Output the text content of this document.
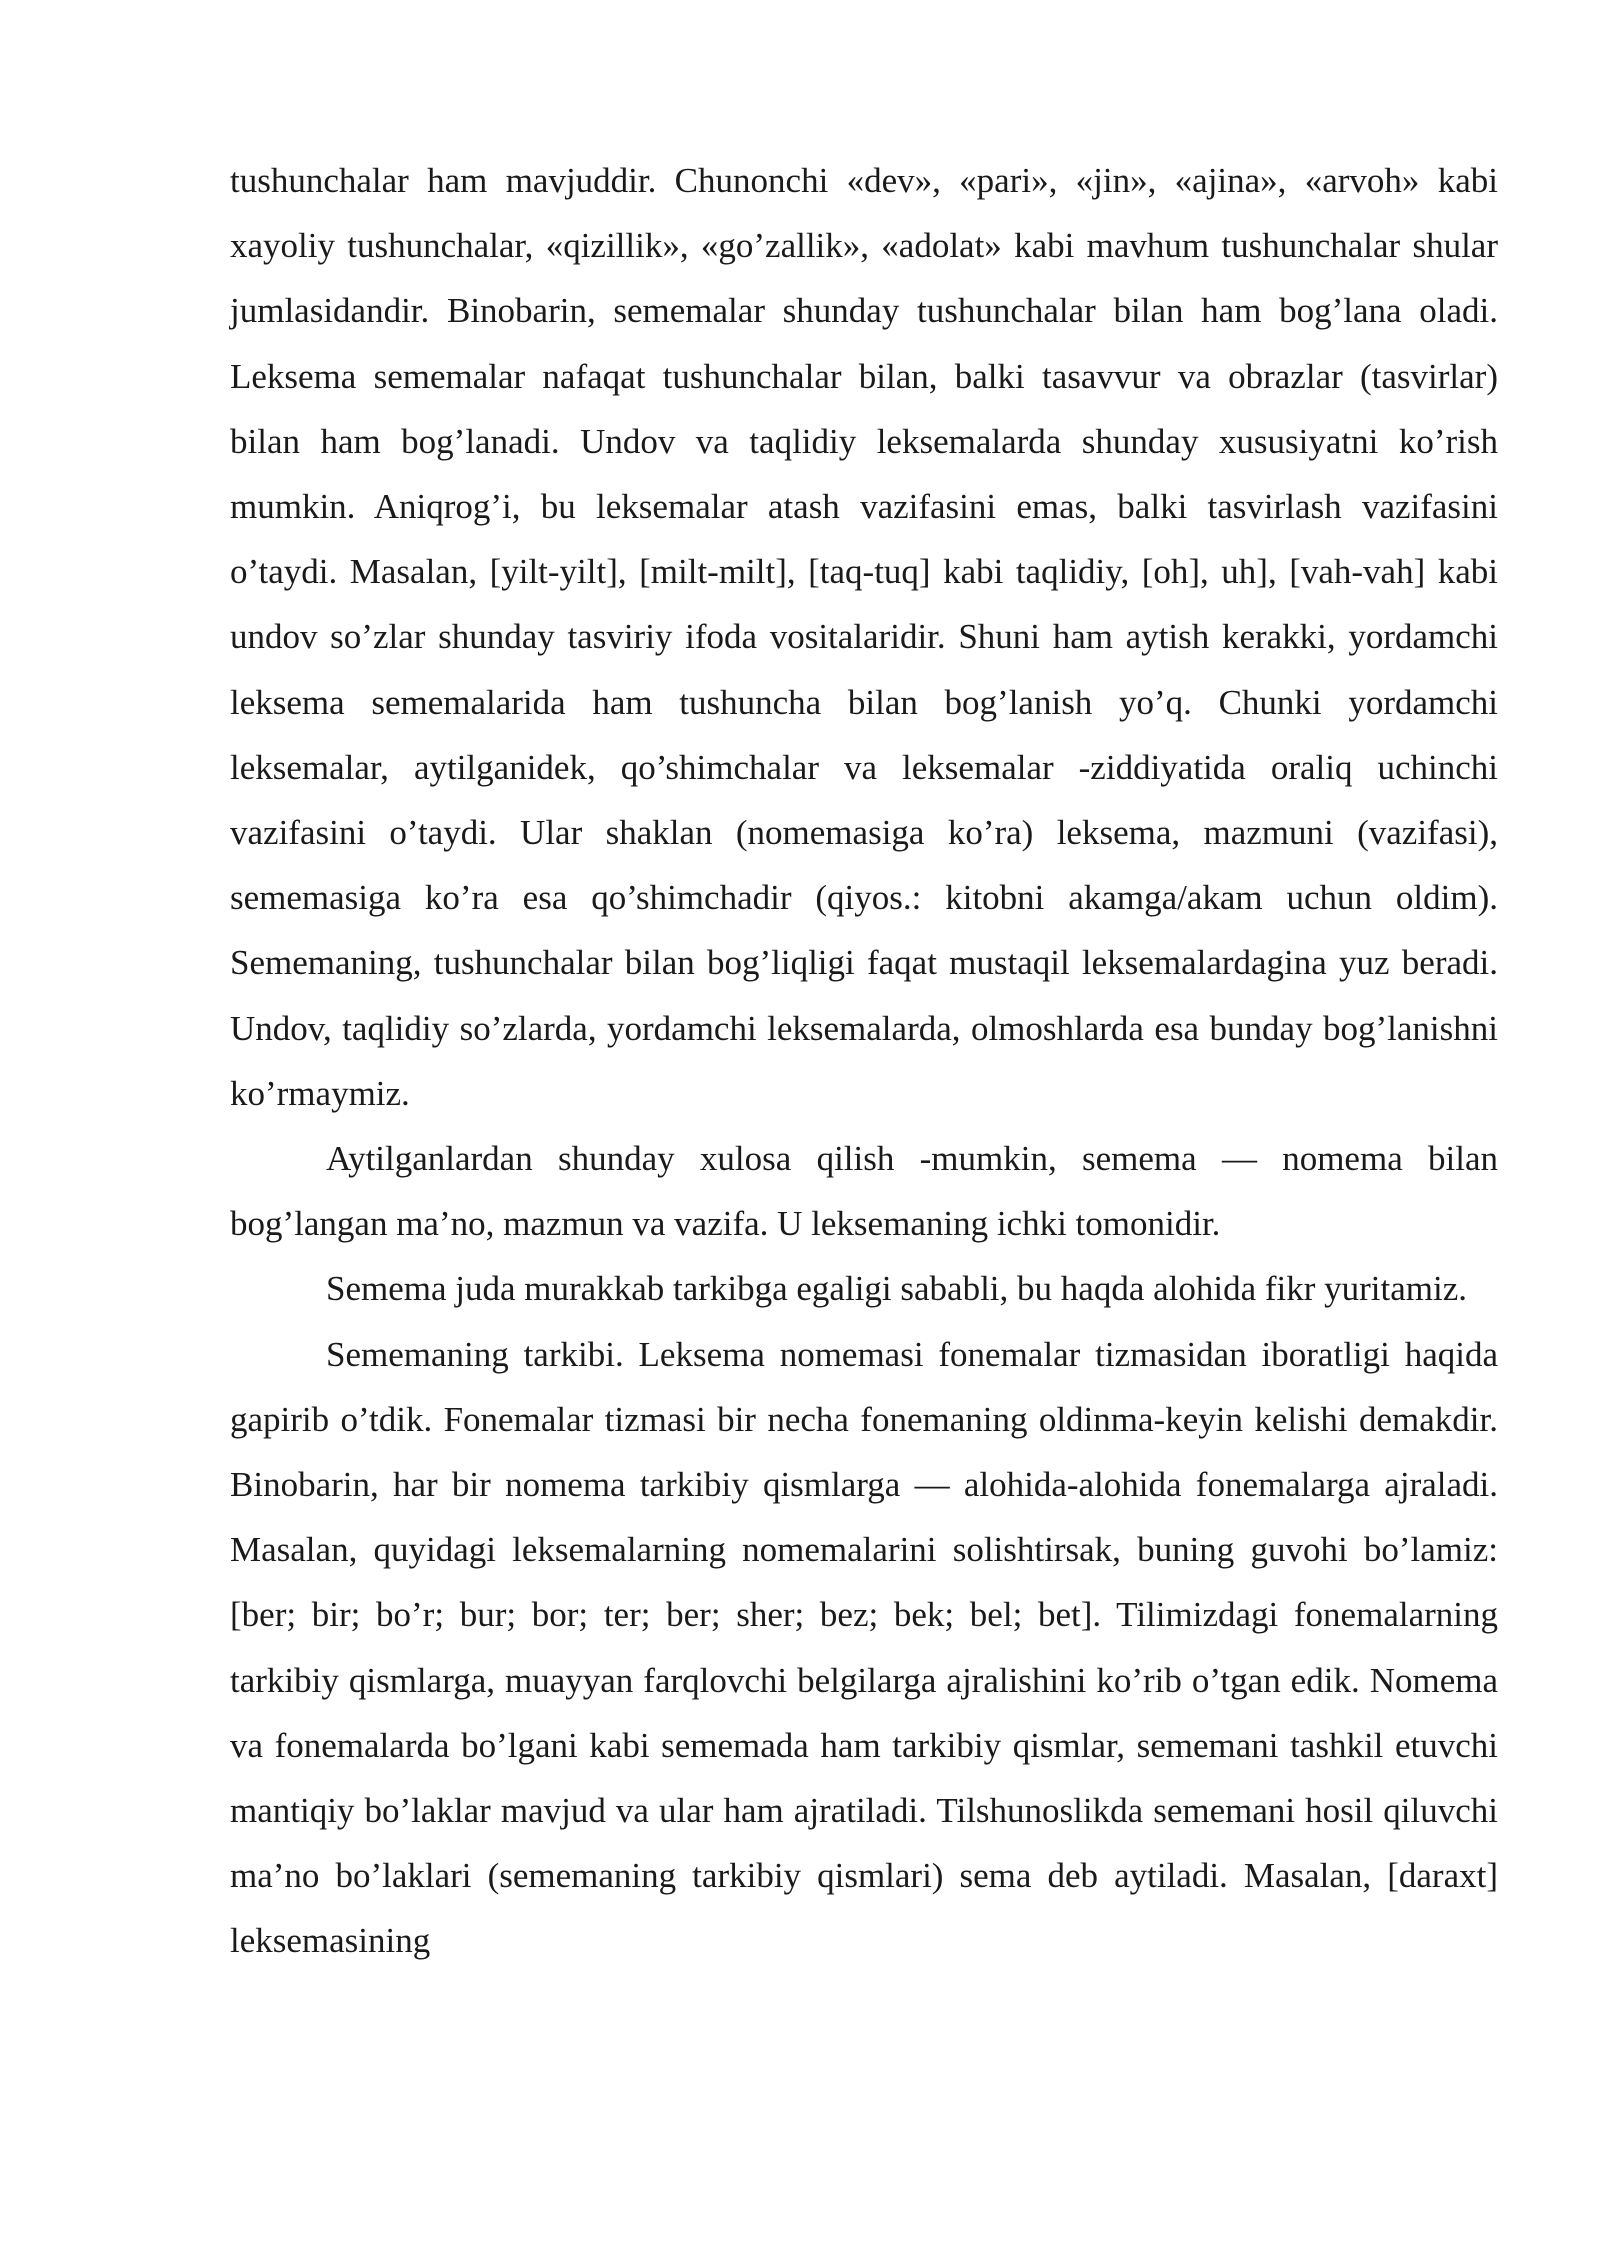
tushunchalar ham mavjuddir. Chunonchi «dev», «pari», «jin», «ajina», «arvoh» kabi xayoliy tushunchalar, «qizillik», «go’zallik», «adolat» kabi mavhum tushunchalar shular jumlasidandir. Binobarin, sememalar shunday tushunchalar bilan ham bog’lana oladi. Leksema sememalar nafaqat tushunchalar bilan, balki tasavvur va obrazlar (tasvirlar) bilan ham bog’lanadi. Undov va taqlidiy leksemalarda shunday xususiyatni ko’rish mumkin. Aniqrog’i, bu leksemalar atash vazifasini emas, balki tasvirlash vazifasini o’taydi. Masalan, [yilt-yilt], [milt-milt], [taq-tuq] kabi taqlidiy, [oh], uh], [vah-vah] kabi undov so’zlar shunday tasviriy ifoda vositalaridir. Shuni ham aytish kerakki, yordamchi leksema sememalarida ham tushuncha bilan bog’lanish yo’q. Chunki yordamchi leksemalar, aytilganidek, qo’shimchalar va leksemalar -ziddiyatida oraliq uchinchi vazifasini o’taydi. Ular shaklan (nomemasiga ko’ra) leksema, mazmuni (vazifasi), sememasiga ko’ra esa qo’shimchadir (qiyos.: kitobni akamga/akam uchun oldim). Sememaning, tushunchalar bilan bog’liqligi faqat mustaqil leksemalardagina yuz beradi. Undov, taqlidiy so’zlarda, yordamchi leksemalarda, olmoshlarda esa bunday bog’lanishni ko’rmaymiz.

Aytilganlardan shunday xulosa qilish -mumkin, semema — nomema bilan bog’langan ma’no, mazmun va vazifa. U leksemaning ichki tomonidir.

Semema juda murakkab tarkibga egaligi sababli, bu haqda alohida fikr yuritamiz.

Sememaning tarkibi. Leksema nomemasi fonemalar tizmasidan iboratligi haqida gapirib o’tdik. Fonemalar tizmasi bir necha fonemaning oldinma-keyin kelishi demakdir. Binobarin, har bir nomema tarkibiy qismlarga — alohida-alohida fonemalarga ajraladi. Masalan, quyidagi leksemalarning nomemalarini solishtirsak, buning guvohi bo’lamiz: [ber; bir; bo’r; bur; bor; ter; ber; sher; bez; bek; bel; bet]. Tilimizdagi fonemalarning tarkibiy qismlarga, muayyan farqlovchi belgilarga ajralishini ko’rib o’tgan edik. Nomema va fonemalarda bo’lgani kabi sememada ham tarkibiy qismlar, sememani tashkil etuvchi mantiqiy bo’laklar mavjud va ular ham ajratiladi. Tilshunoslikda sememani hosil qiluvchi ma’no bo’laklari (sememaning tarkibiy qismlari) sema deb aytiladi. Masalan, [daraxt] leksemasining
